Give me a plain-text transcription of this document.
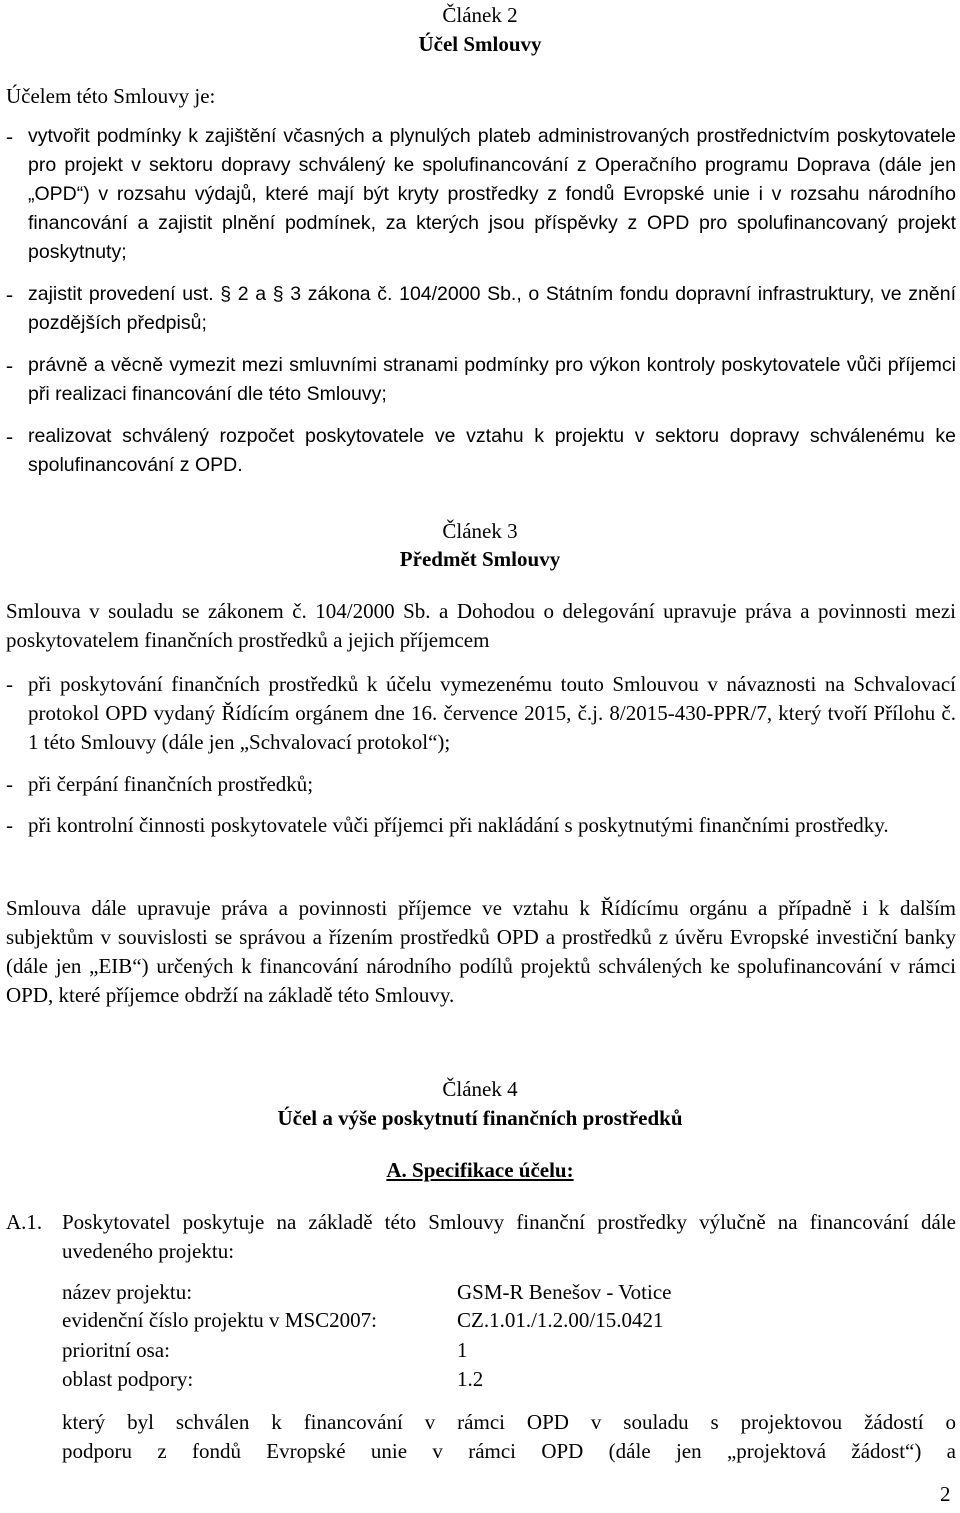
Článek 2
Účel Smlouvy
Účelem této Smlouvy je:
- vytvořit podmínky k zajištění včasných a plynulých plateb administrovaných prostřednictvím poskytovatele pro projekt v sektoru dopravy schválený ke spolufinancování z Operačního programu Doprava (dále jen „OPD“) v rozsahu výdajů, které mají být kryty prostředky z fondů Evropské unie i v rozsahu národního financování a zajistit plnění podmínek, za kterých jsou příspěvky z OPD pro spolufinancovaný projekt poskytnuty;
- zajistit provedení ust. § 2 a § 3 zákona č. 104/2000 Sb., o Státním fondu dopravní infrastruktury, ve znění pozdějších předpisů;
- právně a věcně vymezit mezi smluvními stranami podmínky pro výkon kontroly poskytovatele vůči příjemci při realizaci financování dle této Smlouvy;
- realizovat schválený rozpočet poskytovatele ve vztahu k projektu v sektoru dopravy schválenému ke spolufinancování z OPD.
Článek 3
Předmět Smlouvy
Smlouva v souladu se zákonem č. 104/2000 Sb. a Dohodou o delegování upravuje práva a povinnosti mezi poskytovatelem finančních prostředků a jejich příjemcem
- při poskytování finančních prostředků k účelu vymezenému touto Smlouvou v návaznosti na Schvalovací protokol OPD vydaný Řídícím orgánem dne 16. července 2015, č.j. 8/2015-430-PPR/7, který tvoří Přílohu č. 1 této Smlouvy (dále jen „Schvalovací protokol“);
- při čerpání finančních prostředků;
- při kontrolní činnosti poskytovatele vůči příjemci při nakládání s poskytnutými finančními prostředky.
Smlouva dále upravuje práva a povinnosti příjemce ve vztahu k Řídícímu orgánu a případně i k dalším subjektům v souvislosti se správou a řízením prostředků OPD a prostředků z úvěru Evropské investiční banky (dále jen „EIB“) určených k financování národního podílů projektů schválených ke spolufinancování v rámci OPD, které příjemce obdrží na základě této Smlouvy.
Článek 4
Účel a výše poskytnutí finančních prostředků
A. Specifikace účelu:
A.1. Poskytovatel poskytuje na základě této Smlouvy finanční prostředky výlučně na financování dále uvedeného projektu:
název projektu:	GSM-R Benešov - Votice
evidenční číslo projektu v MSC2007:	CZ.1.01./1.2.00/15.0421
prioritní osa:	1
oblast podpory:	1.2
který byl schválen k financování v rámci OPD v souladu s projektovou žádostí o
podporu z fondů Evropské unie v rámci OPD (dále jen „projektová žádost“) a
2
